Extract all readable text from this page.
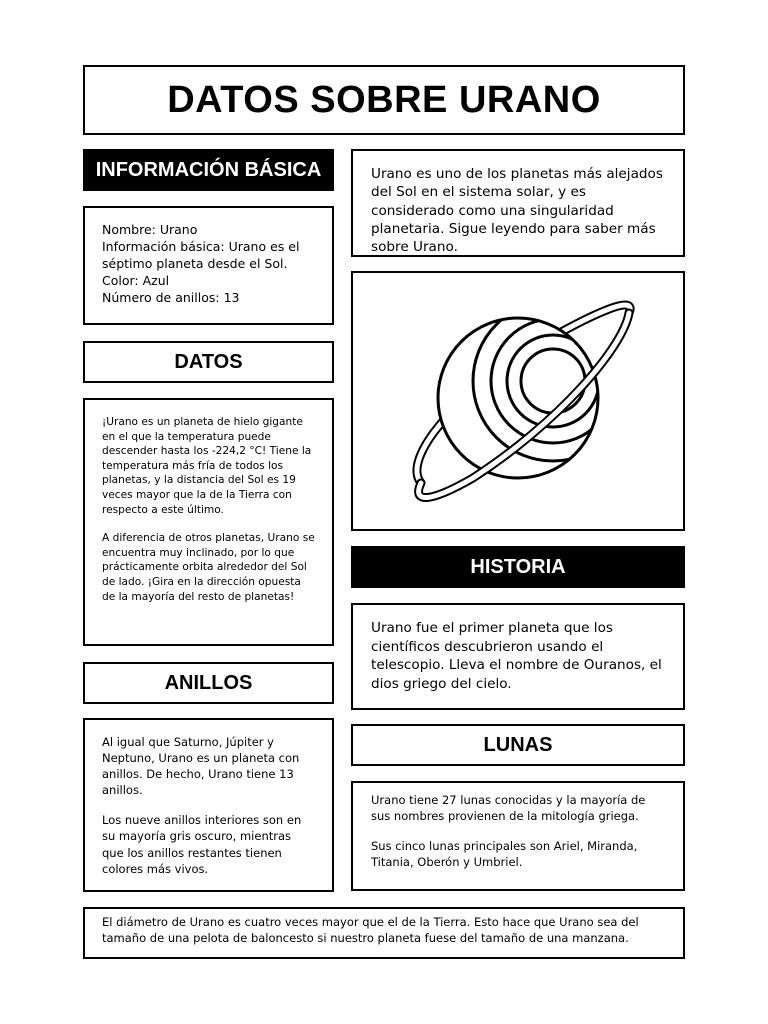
DATOS SOBRE URANO
INFORMACIÓN BÁSICA
Nombre: Urano
Información básica: Urano es el
séptimo planeta desde el Sol.
Color: Azul
Número de anillos: 13
DATOS

¡Urano es un planeta de hielo gigante en el que la temperatura puede descender hasta los -224,2 °C! Tiene la temperatura más fría de todos los planetas, y la distancia del Sol es 19 veces mayor que la de la Tierra con respecto a este último.

A diferencia de otros planetas, Urano se encuentra muy inclinado, por lo que prácticamente orbita alrededor del Sol de lado. ¡Gira en la dirección opuesta de la mayoría del resto de planetas!

ANILLOS

Al igual que Saturno, Júpiter y Neptuno, Urano es un planeta con anillos. De hecho, Urano tiene 13 anillos.

Los nueve anillos interiores son en su mayoría gris oscuro, mientras que los anillos restantes tienen colores más vivos.

Urano es uno de los planetas más alejados del Sol en el sistema solar, y es considerado como una singularidad planetaria. Sigue leyendo para saber más sobre Urano.

HISTORIA

Urano fue el primer planeta que los científicos descubrieron usando el telescopio. Lleva el nombre de Ouranos, el dios griego del cielo.

LUNAS

Urano tiene 27 lunas conocidas y la mayoría de sus nombres provienen de la mitología griega.

Sus cinco lunas principales son Ariel, Miranda, Titania, Oberón y Umbriel.

El diámetro de Urano es cuatro veces mayor que el de la Tierra. Esto hace que Urano sea del tamaño de una pelota de baloncesto si nuestro planeta fuese del tamaño de una manzana.
